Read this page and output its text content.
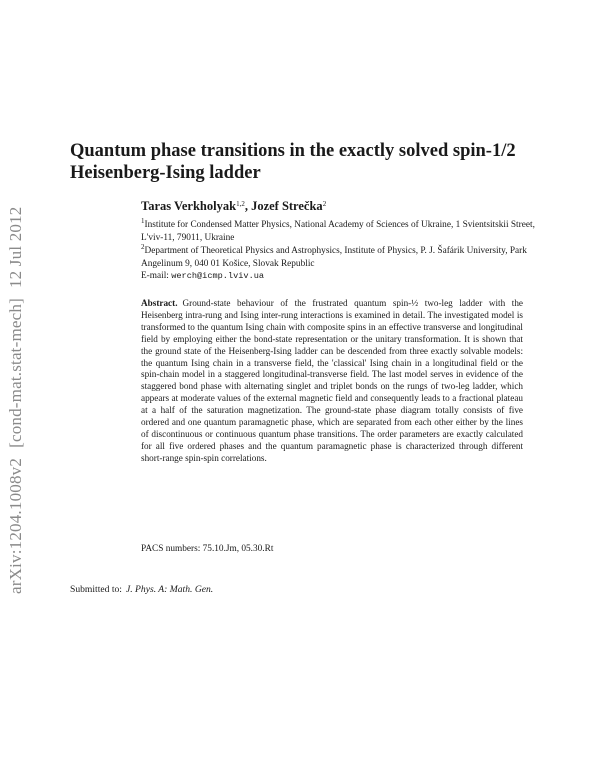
arXiv:1204.1008v2[cond-mat.stat-mech]12 Jul 2012
Quantum phase transitions in the exactly solved spin-1/2 Heisenberg-Ising ladder
Taras Verkholyak$^{1,2}$, Jozef Strečka$^2$
$^1$Institute for Condensed Matter Physics, National Academy of Sciences of Ukraine, 1 Svientsitskii Street, L'viv-11, 79011, Ukraine
$^2$Department of Theoretical Physics and Astrophysics, Institute of Physics, P. J. Šafárik University, Park Angelinum 9, 040 01 Košice, Slovak Republic
E-mail: werch@icmp.lviv.ua

Abstract. Ground-state behaviour of the frustrated quantum spin-½ two-leg ladder with the Heisenberg intra-rung and Ising inter-rung interactions is examined in detail. The investigated model is transformed to the quantum Ising chain with composite spins in an effective transverse and longitudinal field by employing either the bond-state representation or the unitary transformation. It is shown that the ground state of the Heisenberg-Ising ladder can be descended from three exactly solvable models: the quantum Ising chain in a transverse field, the 'classical' Ising chain in a longitudinal field or the spin-chain model in a staggered longitudinal-transverse field. The last model serves in evidence of the staggered bond phase with alternating singlet and triplet bonds on the rungs of two-leg ladder, which appears at moderate values of the external magnetic field and consequently leads to a fractional plateau at a half of the saturation magnetization. The ground-state phase diagram totally consists of five ordered and one quantum paramagnetic phase, which are separated from each other either by the lines of discontinuous or continuous quantum phase transitions. The order parameters are exactly calculated for all five ordered phases and the quantum paramagnetic phase is characterized through different short-range spin-spin correlations.

PACS numbers: 75.10.Jm, 05.30.Rt
Submitted to: J. Phys. A: Math. Gen.
